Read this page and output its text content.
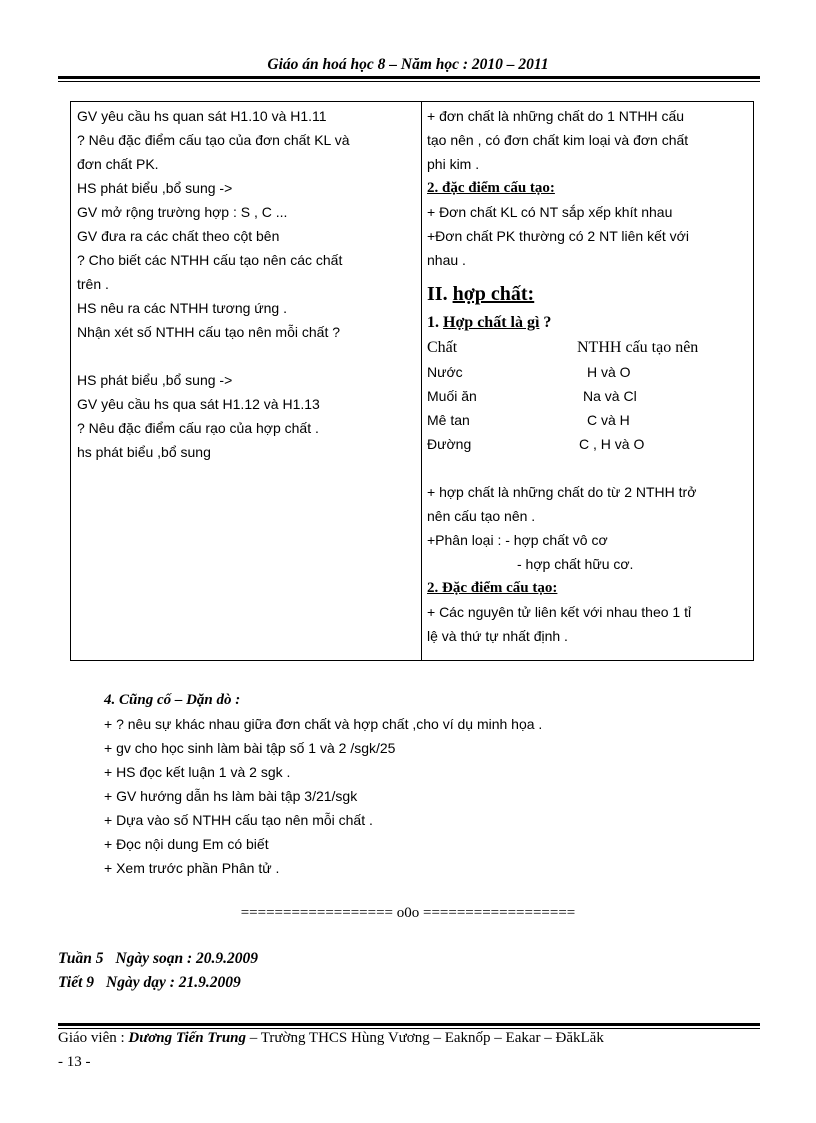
Giáo án hoá học 8 – Năm học : 2010 – 2011
GV yêu cầu hs quan sát H1.10 và H1.11
? Nêu đặc điểm cấu tạo của đơn chất KL và
đơn chất PK.
HS phát biểu ,bổ sung ->
GV mở rộng trường hợp : S , C ...
GV đưa ra các chất theo cột bên
? Cho biết các NTHH cấu tạo nên các chất
trên .
HS nêu ra các NTHH tương ứng .
Nhận xét số NTHH cấu tạo nên mỗi chất ?
HS phát biểu ,bổ sung ->
GV yêu cầu hs qua sát H1.12 và H1.13
? Nêu đặc điểm cấu rạo của hợp chất .
hs phát biểu ,bổ sung
+ đơn chất là những chất do 1 NTHH cấu
tạo nên , có đơn chất kim loại và đơn chất
phi kim .
2. đặc điểm cấu tạo:
+ Đơn chất KL có NT sắp xếp khít nhau
+Đơn chất PK thường có 2 NT liên kết với
nhau .
II. hợp chất:
1. Hợp chất là gì ?
Chất	NTHH cấu tạo nên
Nước	H và O
Muối ăn	Na và Cl
Mê tan	C và H
Đường	C , H và O
+ hợp chất là những chất do từ 2 NTHH trở
nên cấu tạo nên .
+Phân loại : - hợp chất vô cơ
- hợp chất hữu cơ.
2. Đặc điểm cấu tạo:
+ Các nguyên tử liên kết với nhau theo 1 tỉ
lệ và thứ tự nhất định .
4. Cũng cố – Dặn dò :
+ ? nêu sự khác nhau giữa đơn chất và hợp chất ,cho ví dụ minh họa .
+ gv cho học sinh làm bài tập số 1 và 2 /sgk/25
+ HS đọc kết luận 1 và 2 sgk .
+ GV hướng dẫn hs làm bài tập 3/21/sgk
+ Dựa vào số NTHH cấu tạo nên mỗi chất .
+ Đọc nội dung Em có biết
+ Xem trước phần Phân tử .
================== o0o ==================
Tuần 5 Ngày soạn : 20.9.2009
Tiết 9 Ngày dạy : 21.9.2009
Giáo viên : Dương Tiến Trung – Trường THCS Hùng Vương – Eaknốp – Eakar – ĐăkLăk
- 13 -
